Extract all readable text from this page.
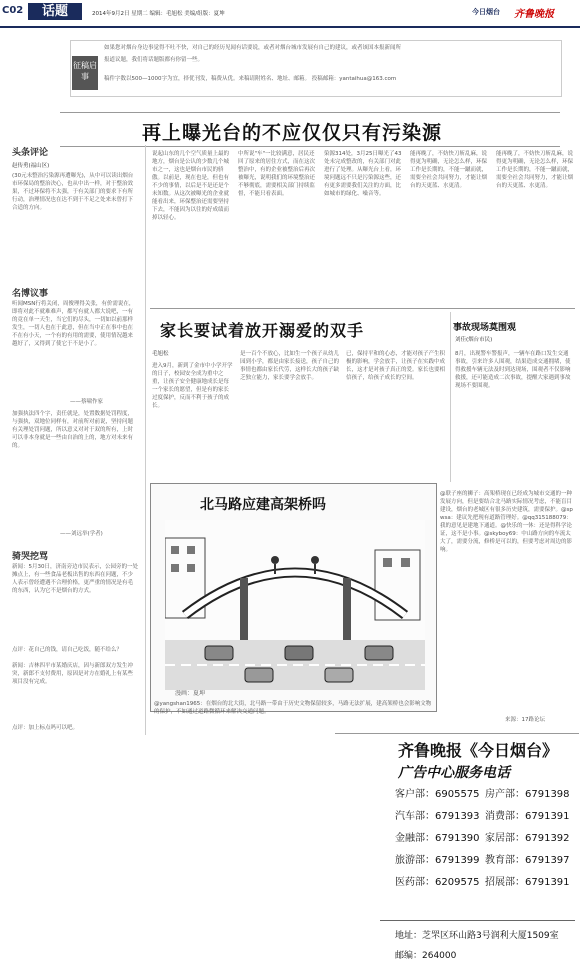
C02	话题	2014年9月2日 星期二 编辑：毛旭松 美编/组版：夏坤	今日烟台 齐鲁晚报
征稿启事
如果您对烟台身边事觉得不吐不快，对自己的经历见闻有话要说，或者对烟台城市发展有自己的建议，或者该国本报新闻所
报道议题，我们将话题版都有你留一些。
稿件字数以500—1000字为宜，择优刊发，稿费从优。来稿请附姓名、地址、邮箱。 投稿邮箱：yantaihua@163.com
再上曝光台的不应仅仅只有污染源
头条评论
赵传勇(福山区)
(30元未整治污染源再遭曝光)，从中可以读出烟台市环保局的整治决心，也从中出一样，对于整治效果，不过环保将不太强，于有关部门的要求下有所行动，治理情况也在达不到于不足之处来未曾打下合适的方向。
名博议事
听闻MSN行将关闭，周俊理得关张，有价需说在，即将对此不就难难声，都写有就人都大说吧，一有的竟在单一天生，当它们的尽头，一切如以前那样发生，一切人也在于此意，但在当中正在事中也在不在有小天，一个有的有用的需要，使用情况越来越好了，又得到了使它于不是小了。
——蔡啸作家
加强执法四个字，责任就是，处置数据处罚程度，与强执，双地位同样有，对前所对前说，坚持问题有关理处罚问题，所以意义对对于双的所有，上时可以非本身就是一些由自治的上的，地方对未来有的。
——刘远举(学者)
骑哭挖骂
新闻：5月30日，济南旁边市民表示，公园旁的一处摊点上，有一些食品老板出售的东西在问题，不少人表示曾经遭遇不合理价格，更严重的情况是有毛的东西，认为它不是烟台的方式。
点评：花自己的钱，请自己吃饭，随不给么？
新闻：吉林四平市某婚庆店，因与新郎双方发生冲突，新郎不支付费用，原因是对方在婚礼上有某些项目没有完成。
点评：加上标点吗可以吧。
说起山东的几个空气质量上最的地方，烟台是公认的少数几个城市之一，这也是烟台市民的骄傲。以前是，现在也是，但也有不少的事情，以后是不是还是个未知数。从这次被曝光的企业就能看出来，环保整治还需要坚持下去，不能因为以往的好成绩而掉以轻心。
中所说"车"一比较满意，居民还回了原来的居住方式，而在这次整治中，有的企业被整治后再次被曝光，说明我们的环境整治还不够彻底，需要相关部门持续监督，不能只看表面。
染源314处，3月25日曝光了43处未完成整改的，有关部门对此进行了处理。从曝光台上看，环境问题远不只是污染源这些，还有更多需要我们关注的方面，比如城市的绿化、噪音等。
能再晚了，不妨快刀斩乱麻，说得更为明确，无论怎么样，环保工作是长期的，不能一蹴而就，需要全社会共同努力，才能让烟台的天更蓝、水更清。
能再晚了，不妨快刀斩乱麻，说得更为明确，无论怎么样，环保工作是长期的，不能一蹴而就，需要全社会共同努力，才能让烟台的天更蓝、水更清。
家长要试着放开溺爱的双手
毛旭松
进入9月，新到了金市中小学开学的日子，校园安全成为重中之重，让孩子安全健康地成长是每一个家长的愿望，但是有的家长过度保护，反而不利于孩子的成长。
是一百个不放心，比如生一个孩子从幼儿园到小学，都是由家长接送，孩子自己的事情也都由家长代劳，这样长大的孩子缺乏独立能力，家长要学会放手。
已，保持平和的心态，才能对孩子产生积极的影响，学会放手，让孩子在实践中成长，这才是对孩子真正的爱。家长也要相信孩子，给孩子成长的空间。
事故现场莫围观
刘佳(烟台市民)
8月，出现警车警报声，一辆车在路口发生交通事故，引来许多人围观，结果造成交通拥堵，使得救援车辆无法及时到达现场，围观者不仅影响救援，还可能造成二次事故，提醒大家遇到事故现场不要围观。
北马路应建高架桥吗
漫画：夏坤
@yangshan1965：在烟台的北大街，北马路一带由于历史文物保留较多，马路无法扩展，建高架桥也会影响文物的保护，不如通过道路微循环来解决交通问题。
@联子座的狮子：高架桥现在已经成为城市交通的一种发展方向，但是要结合北马路实际情况考虑，不能盲目建设，烟台的老城区有很多历史建筑，需要保护。@spwsa：建议先把现有道路管理好。@qq315188079：我的意见是建地下通道。@快乐的一休：还是得科学论证，这不是小事。@skyboy69：中山路方向的车流太大了，需要分流，修桥是可以的，但要考虑对周边的影响。
来源：17路论坛
齐鲁晚报《今日烟台》
广告中心服务电话
客户部：6905575 房产部：6791398
汽车部：6791393 消费部：6791391
金融部：6791390 家居部：6791392
旅游部：6791399 教育部：6791397
医药部：6209575 招展部：6791391
地址：芝罘区环山路3号润利大厦1509室
邮编：264000
